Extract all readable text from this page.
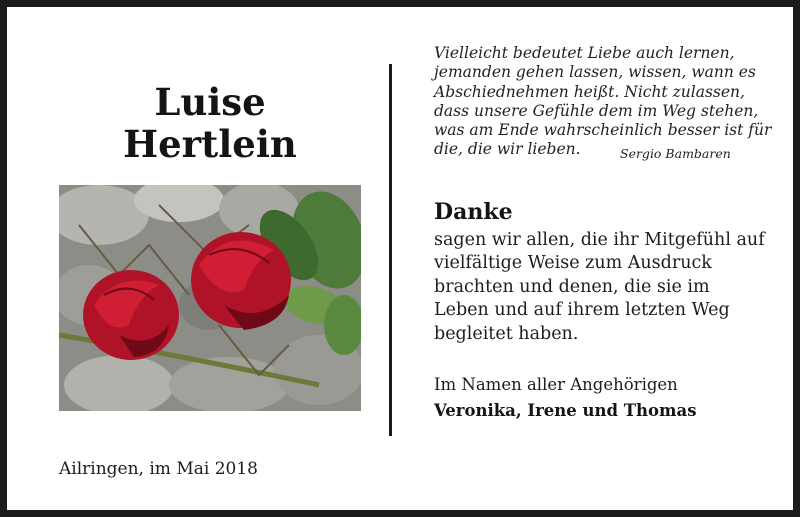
Luise
Hertlein
Ailringen, im Mai 2018
Vielleicht bedeutet Liebe auch lernen,
jemanden gehen lassen, wissen, wann es
Abschiednehmen heißt. Nicht zulassen,
dass unsere Gefühle dem im Weg stehen,
was am Ende wahrscheinlich besser ist für
die, die wir lieben.	Sergio Bambaren
Danke
sagen wir allen, die ihr Mitgefühl auf
vielfältige Weise zum Ausdruck
brachten und denen, die sie im
Leben und auf ihrem letzten Weg
begleitet haben.
Im Namen aller Angehörigen
Veronika, Irene und Thomas
